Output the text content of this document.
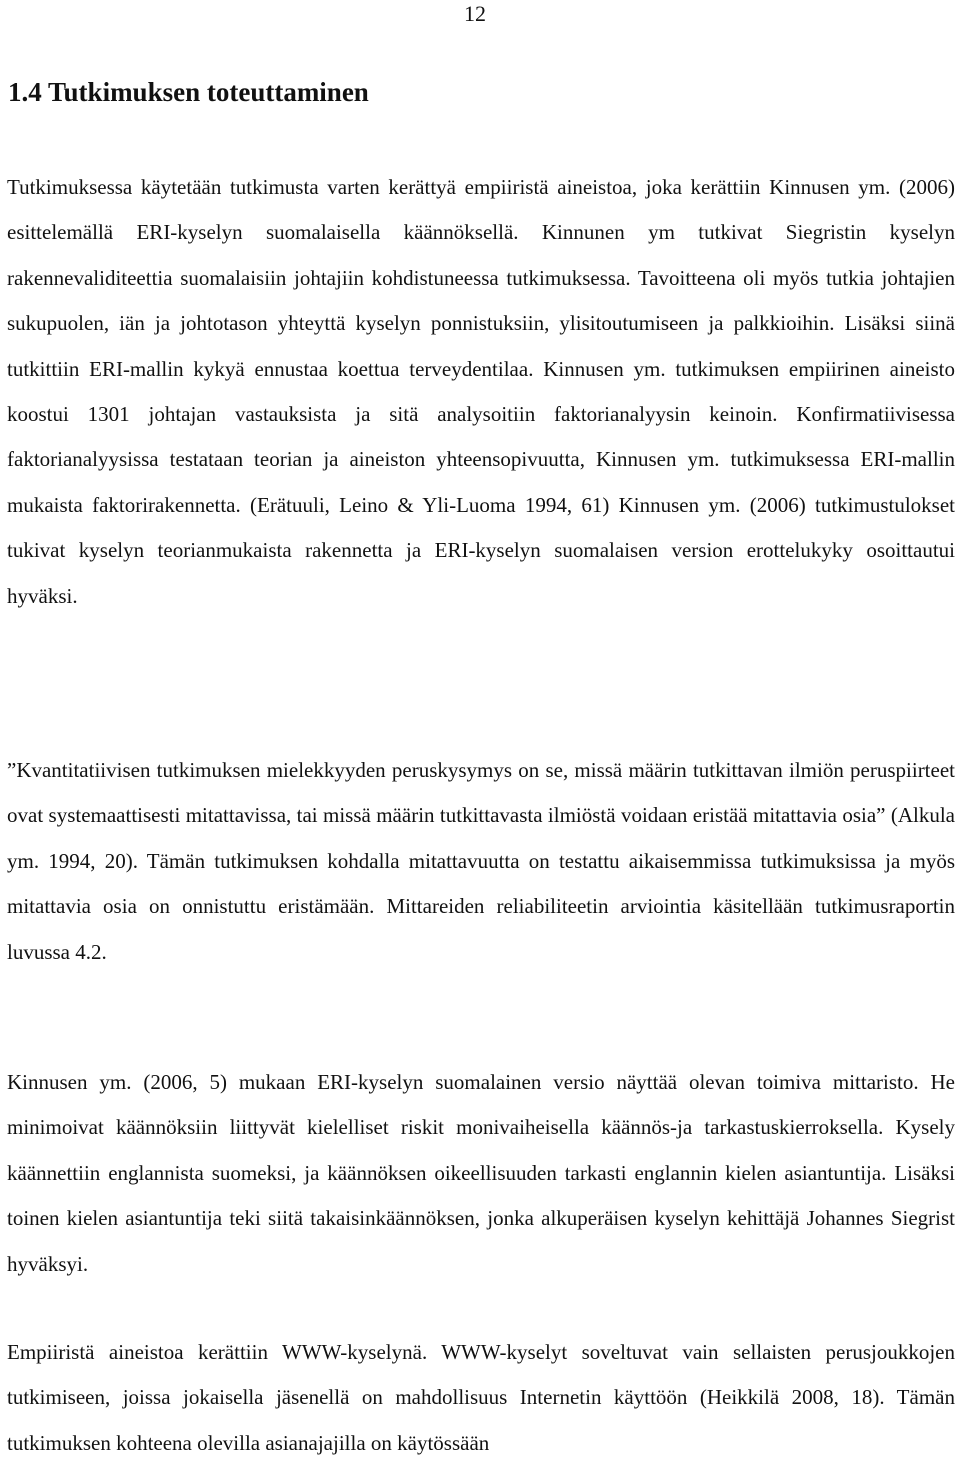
12
1.4 Tutkimuksen toteuttaminen

Tutkimuksessa käytetään tutkimusta varten kerättyä empiiristä aineistoa, joka kerättiin Kinnusen ym. (2006) esittelemällä ERI-kyselyn suomalaisella käännöksellä. Kinnunen ym tutkivat Siegristin kyselyn rakennevaliditeettia suomalaisiin johtajiin kohdistuneessa tutkimuksessa. Tavoitteena oli myös tutkia johtajien sukupuolen, iän ja johtotason yhteyttä kyselyn ponnistuksiin, ylisitoutumiseen ja palkkioihin. Lisäksi siinä tutkittiin ERI-mallin kykyä ennustaa koettua terveydentilaa. Kinnusen ym. tutkimuksen empiirinen aineisto koostui 1301 johtajan vastauksista ja sitä analysoitiin faktorianalyysin keinoin. Konfirmatiivisessa faktorianalyysissa testataan teorian ja aineiston yhteensopivuutta, Kinnusen ym. tutkimuksessa ERI-mallin mukaista faktorirakennetta. (Erätuuli, Leino & Yli-Luoma 1994, 61) Kinnusen ym. (2006) tutkimustulokset tukivat kyselyn teorianmukaista rakennetta ja ERI-kyselyn suomalaisen version erottelukyky osoittautui hyväksi.

”Kvantitatiivisen tutkimuksen mielekkyyden peruskysymys on se, missä määrin tutkittavan ilmiön peruspiirteet ovat systemaattisesti mitattavissa, tai missä määrin tutkittavasta ilmiöstä voidaan eristää mitattavia osia” (Alkula ym. 1994, 20). Tämän tutkimuksen kohdalla mitattavuutta on testattu aikaisemmissa tutkimuksissa ja myös mitattavia osia on onnistuttu eristämään. Mittareiden reliabiliteetin arviointia käsitellään tutkimusraportin luvussa 4.2.

Kinnusen ym. (2006, 5) mukaan ERI-kyselyn suomalainen versio näyttää olevan toimiva mittaristo. He minimoivat käännöksiin liittyvät kielelliset riskit monivaiheisella käännös-ja tarkastuskierroksella. Kysely käännettiin englannista suomeksi, ja käännöksen oikeellisuuden tarkasti englannin kielen asiantuntija. Lisäksi toinen kielen asiantuntija teki siitä takaisinkäännöksen, jonka alkuperäisen kyselyn kehittäjä Johannes Siegrist hyväksyi.

Empiiristä aineistoa kerättiin WWW-kyselynä. WWW-kyselyt soveltuvat vain sellaisten perusjoukkojen tutkimiseen, joissa jokaisella jäsenellä on mahdollisuus Internetin käyttöön (Heikkilä 2008, 18). Tämän tutkimuksen kohteena olevilla asianajajilla on käytössään
